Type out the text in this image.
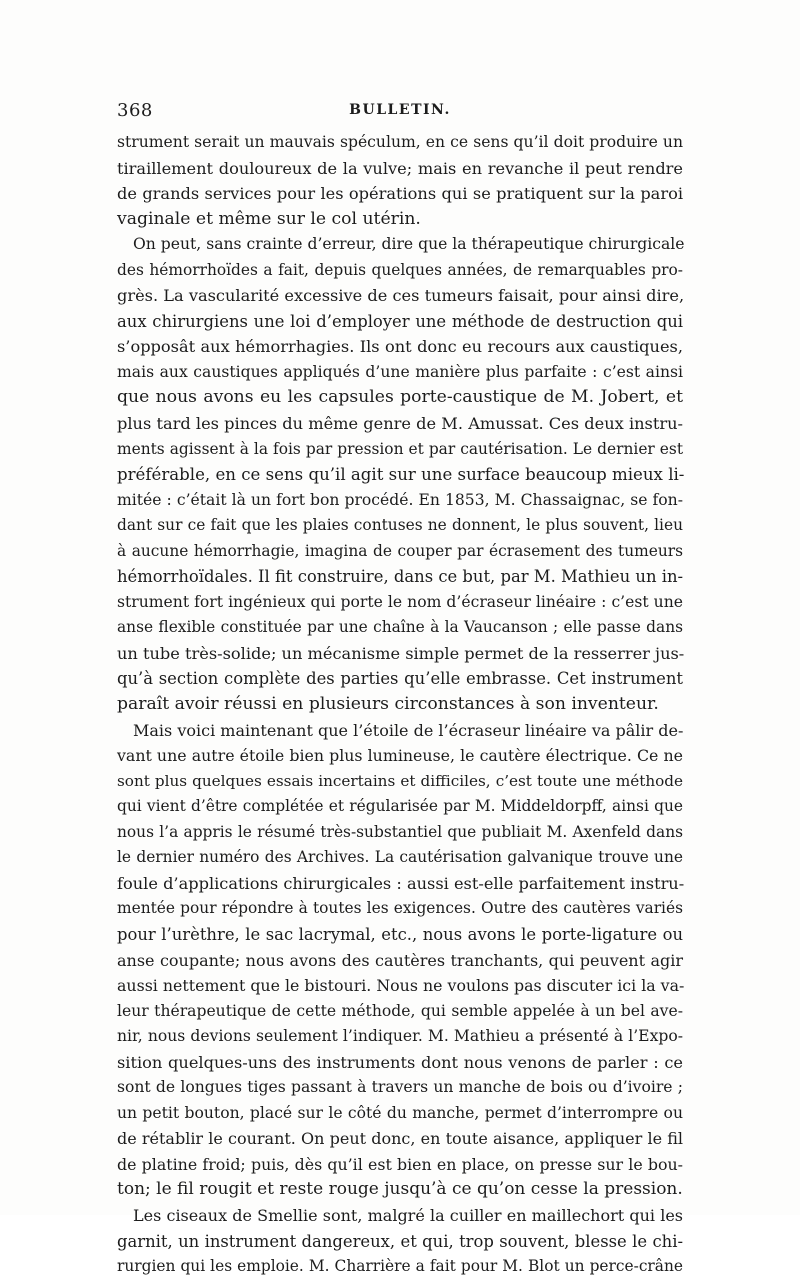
368	BULLETIN.
strument serait un mauvais spéculum, en ce sens qu’il doit produire un
tiraillement douloureux de la vulve; mais en revanche il peut rendre
de grands services pour les opérations qui se pratiquent sur la paroi
vaginale et même sur le col utérin.
On peut, sans crainte d’erreur, dire que la thérapeutique chirurgicale
des hémorrhoïdes a fait, depuis quelques années, de remarquables pro-
grès. La vascularité excessive de ces tumeurs faisait, pour ainsi dire,
aux chirurgiens une loi d’employer une méthode de destruction qui
s’opposât aux hémorrhagies. Ils ont donc eu recours aux caustiques,
mais aux caustiques appliqués d’une manière plus parfaite : c’est ainsi
que nous avons eu les capsules porte-caustique de M. Jobert, et
plus tard les pinces du même genre de M. Amussat. Ces deux instru-
ments agissent à la fois par pression et par cautérisation. Le dernier est
préférable, en ce sens qu’il agit sur une surface beaucoup mieux li-
mitée : c’était là un fort bon procédé. En 1853, M. Chassaignac, se fon-
dant sur ce fait que les plaies contuses ne donnent, le plus souvent, lieu
à aucune hémorrhagie, imagina de couper par écrasement des tumeurs
hémorrhoïdales. Il fit construire, dans ce but, par M. Mathieu un in-
strument fort ingénieux qui porte le nom d’écraseur linéaire : c’est une
anse flexible constituée par une chaîne à la Vaucanson ; elle passe dans
un tube très-solide; un mécanisme simple permet de la resserrer jus-
qu’à section complète des parties qu’elle embrasse. Cet instrument
paraît avoir réussi en plusieurs circonstances à son inventeur.
Mais voici maintenant que l’étoile de l’écraseur linéaire va pâlir de-
vant une autre étoile bien plus lumineuse, le cautère électrique. Ce ne
sont plus quelques essais incertains et difficiles, c’est toute une méthode
qui vient d’être complétée et régularisée par M. Middeldorpff, ainsi que
nous l’a appris le résumé très-substantiel que publiait M. Axenfeld dans
le dernier numéro des Archives. La cautérisation galvanique trouve une
foule d’applications chirurgicales : aussi est-elle parfaitement instru-
mentée pour répondre à toutes les exigences. Outre des cautères variés
pour l’urèthre, le sac lacrymal, etc., nous avons le porte-ligature ou
anse coupante; nous avons des cautères tranchants, qui peuvent agir
aussi nettement que le bistouri. Nous ne voulons pas discuter ici la va-
leur thérapeutique de cette méthode, qui semble appelée à un bel ave-
nir, nous devions seulement l’indiquer. M. Mathieu a présenté à l’Expo-
sition quelques-uns des instruments dont nous venons de parler : ce
sont de longues tiges passant à travers un manche de bois ou d’ivoire ;
un petit bouton, placé sur le côté du manche, permet d’interrompre ou
de rétablir le courant. On peut donc, en toute aisance, appliquer le fil
de platine froid; puis, dès qu’il est bien en place, on presse sur le bou-
ton; le fil rougit et reste rouge jusqu’à ce qu’on cesse la pression.
Les ciseaux de Smellie sont, malgré la cuiller en maillechort qui les
garnit, un instrument dangereux, et qui, trop souvent, blesse le chi-
rurgien qui les emploie. M. Charrière a fait pour M. Blot un perce-crâne
